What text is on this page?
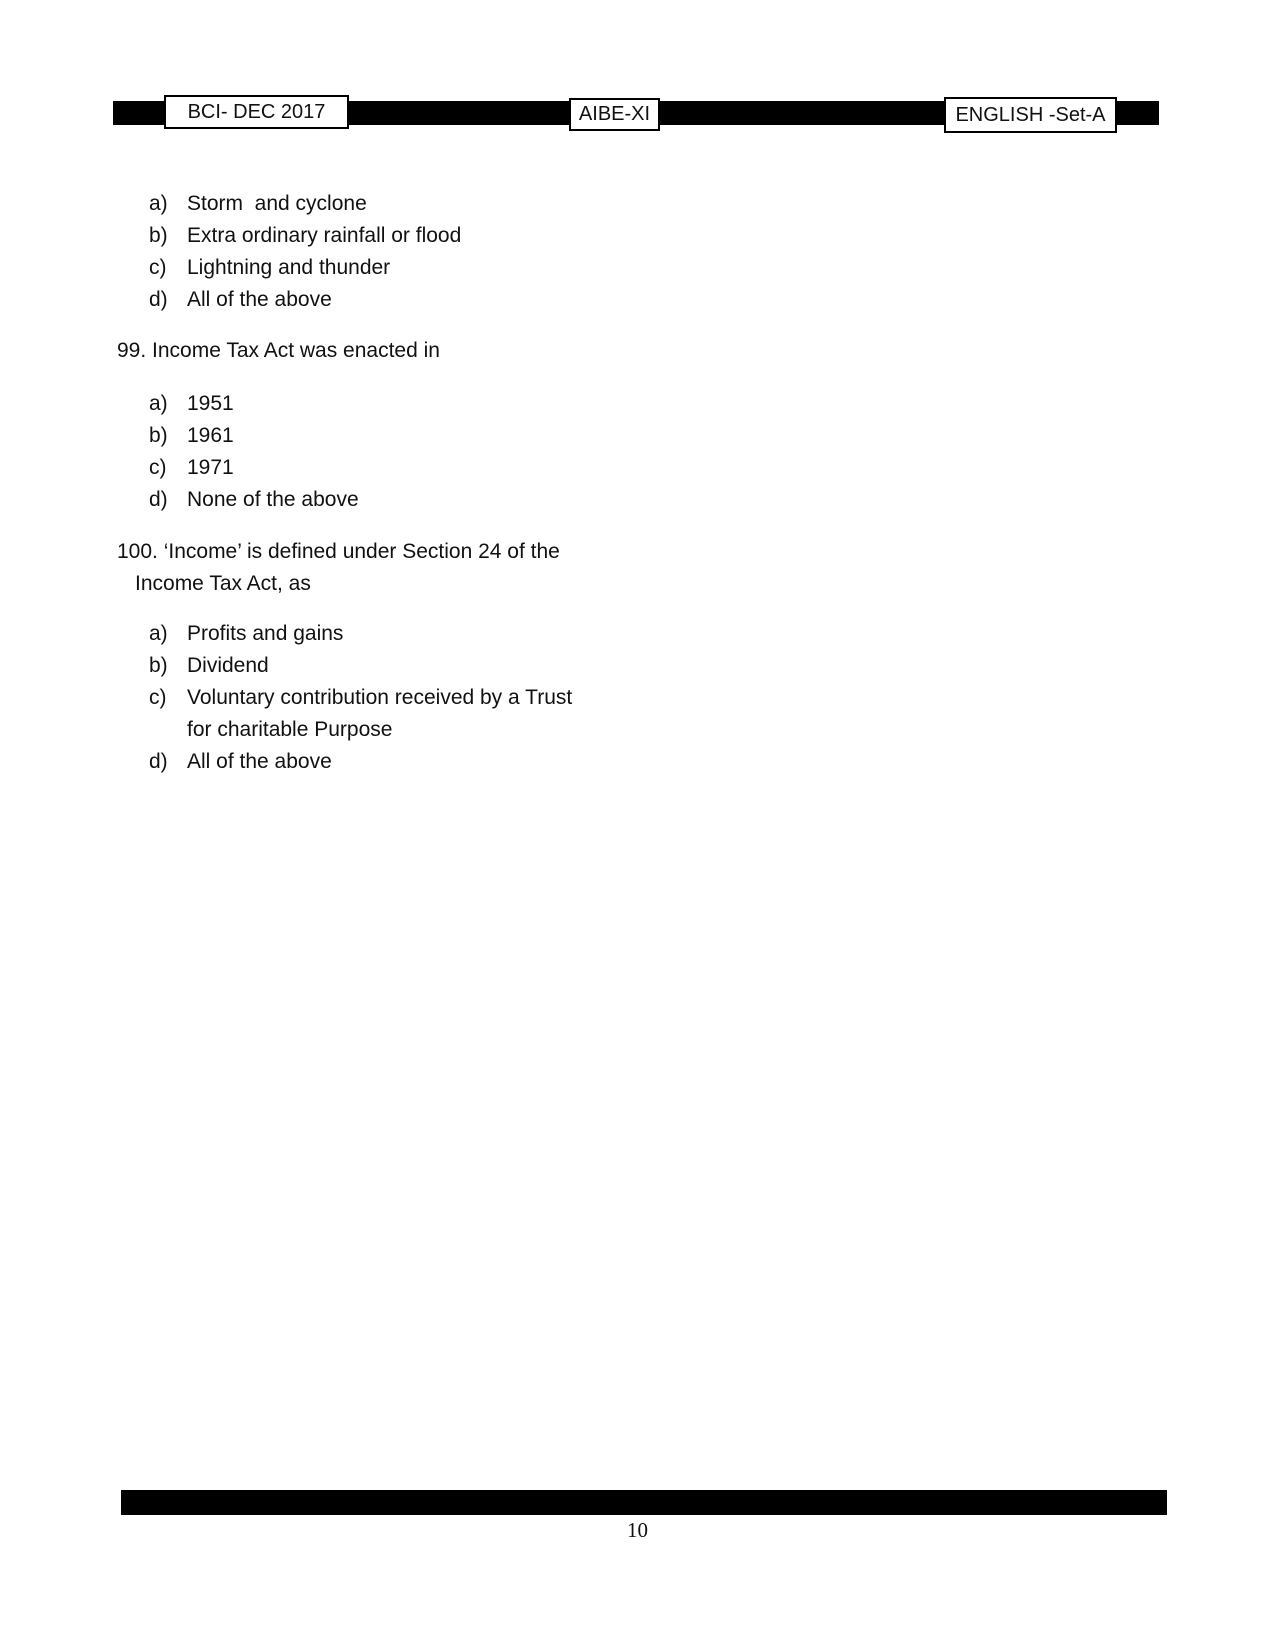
BCI- DEC 2017	AIBE-XI	ENGLISH -Set-A
a) Storm  and cyclone
b) Extra ordinary rainfall or flood
c) Lightning and thunder
d) All of the above

99. Income Tax Act was enacted in

a) 1951
b) 1961
c) 1971
d) None of the above

100. ‘Income’ is defined under Section 24 of the
Income Tax Act, as

a) Profits and gains
b) Dividend
c) Voluntary contribution received by a Trust
for charitable Purpose
d) All of the above
10
